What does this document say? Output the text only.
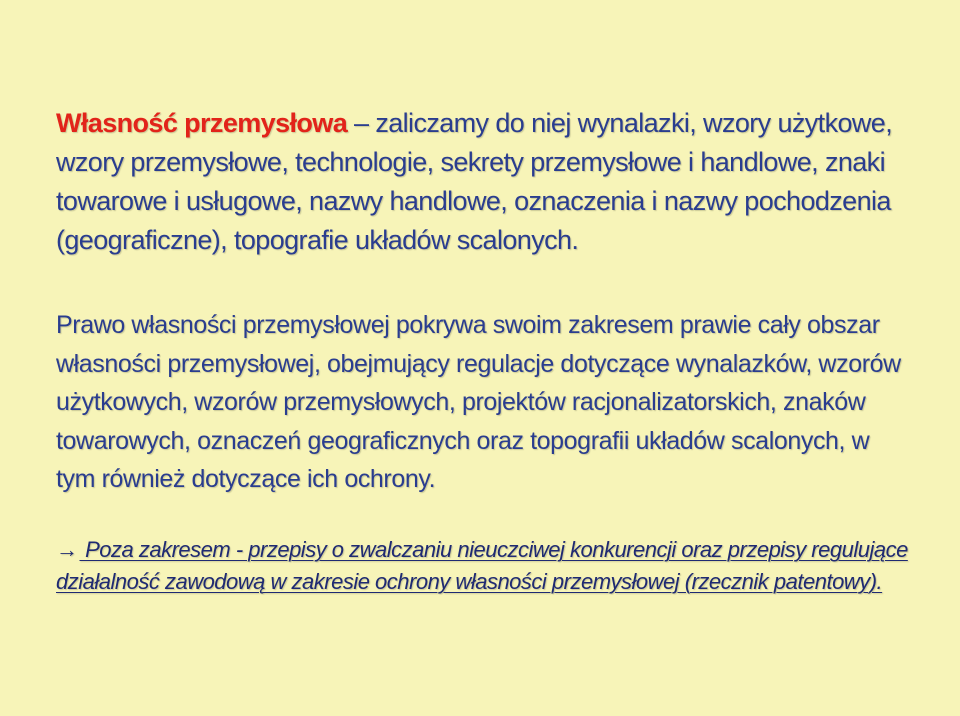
Własność przemysłowa – zaliczamy do niej wynalazki, wzory użytkowe, wzory przemysłowe, technologie, sekrety przemysłowe i handlowe, znaki towarowe i usługowe, nazwy handlowe, oznaczenia i nazwy pochodzenia (geograficzne), topografie układów scalonych.

Prawo własności przemysłowej pokrywa swoim zakresem prawie cały obszar własności przemysłowej, obejmujący regulacje dotyczące wynalazków, wzorów użytkowych, wzorów przemysłowych, projektów racjonalizatorskich, znaków towarowych, oznaczeń geograficznych oraz topografii układów scalonych, w tym również dotyczące ich ochrony.

→ Poza zakresem - przepisy o zwalczaniu nieuczciwej konkurencji oraz przepisy regulujące działalność zawodową w zakresie ochrony własności przemysłowej (rzecznik patentowy).
